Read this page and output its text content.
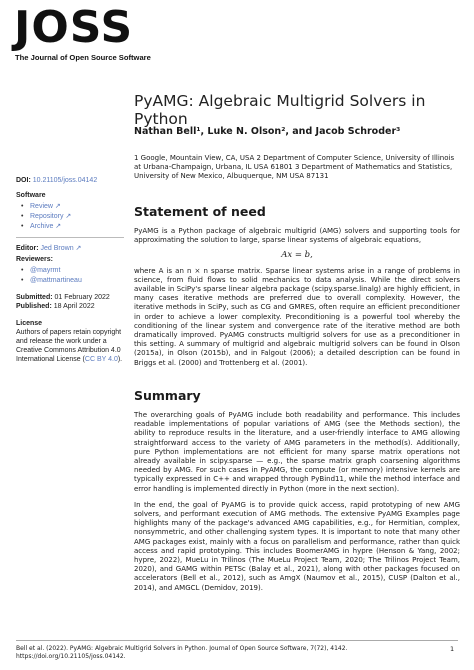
JOSS
The Journal of Open Source Software
DOI: 10.21105/joss.04142
Software
• Review ↗
• Repository ↗
• Archive ↗
Editor: Jed Brown ↗
Reviewers:
• @mayrmt
• @mattmartineau
Submitted: 01 February 2022
Published: 18 April 2022
License
Authors of papers retain copyright and release the work under a Creative Commons Attribution 4.0 International License (CC BY 4.0).
PyAMG: Algebraic Multigrid Solvers in Python
Nathan Bell¹, Luke N. Olson², and Jacob Schroder³
1 Google, Mountain View, CA, USA 2 Department of Computer Science, University of Illinois at Urbana-Champaign, Urbana, IL USA 61801 3 Department of Mathematics and Statistics, University of New Mexico, Albuquerque, NM USA 87131
Statement of need

PyAMG is a Python package of algebraic multigrid (AMG) solvers and supporting tools for approximating the solution to large, sparse linear systems of algebraic equations,

Ax = b,

where A is an n × n sparse matrix. Sparse linear systems arise in a range of problems in science, from fluid flows to solid mechanics to data analysis. While the direct solvers available in SciPy's sparse linear algebra package (scipy.sparse.linalg) are highly efficient, in many cases iterative methods are preferred due to overall complexity. However, the iterative methods in SciPy, such as CG and GMRES, often require an efficient preconditioner in order to achieve a lower complexity. Preconditioning is a powerful tool whereby the conditioning of the linear system and convergence rate of the iterative method are both dramatically improved. PyAMG constructs multigrid solvers for use as a preconditioner in this setting. A summary of multigrid and algebraic multigrid solvers can be found in Olson (2015a), in Olson (2015b), and in Falgout (2006); a detailed description can be found in Briggs et al. (2000) and Trottenberg et al. (2001).

Summary

The overarching goals of PyAMG include both readability and performance. This includes readable implementations of popular variations of AMG (see the Methods section), the ability to reproduce results in the literature, and a user-friendly interface to AMG allowing straightforward access to the variety of AMG parameters in the method(s). Additionally, pure Python implementations are not efficient for many sparse matrix operations not already available in scipy.sparse — e.g., the sparse matrix graph coarsening algorithms needed by AMG. For such cases in PyAMG, the compute (or memory) intensive kernels are typically expressed in C++ and wrapped through PyBind11, while the method interface and error handling is implemented directly in Python (more in the next section).

In the end, the goal of PyAMG is to provide quick access, rapid prototyping of new AMG solvers, and performant execution of AMG methods. The extensive PyAMG Examples page highlights many of the package's advanced AMG capabilities, e.g., for Hermitian, complex, nonsymmetric, and other challenging system types. It is important to note that many other AMG packages exist, mainly with a focus on parallelism and performance, rather than quick access and rapid prototyping. This includes BoomerAMG in hypre (Henson & Yang, 2002; hypre, 2022), MueLu in Trilinos (The MueLu Project Team, 2020; The Trilinos Project Team, 2020), and GAMG within PETSc (Balay et al., 2021), along with other packages focused on accelerators (Bell et al., 2012), such as AmgX (Naumov et al., 2015), CUSP (Dalton et al., 2014), and AMGCL (Demidov, 2019).

Bell et al. (2022). PyAMG: Algebraic Multigrid Solvers in Python. Journal of Open Source Software, 7(72), 4142. https://doi.org/10.21105/joss.04142.
1
